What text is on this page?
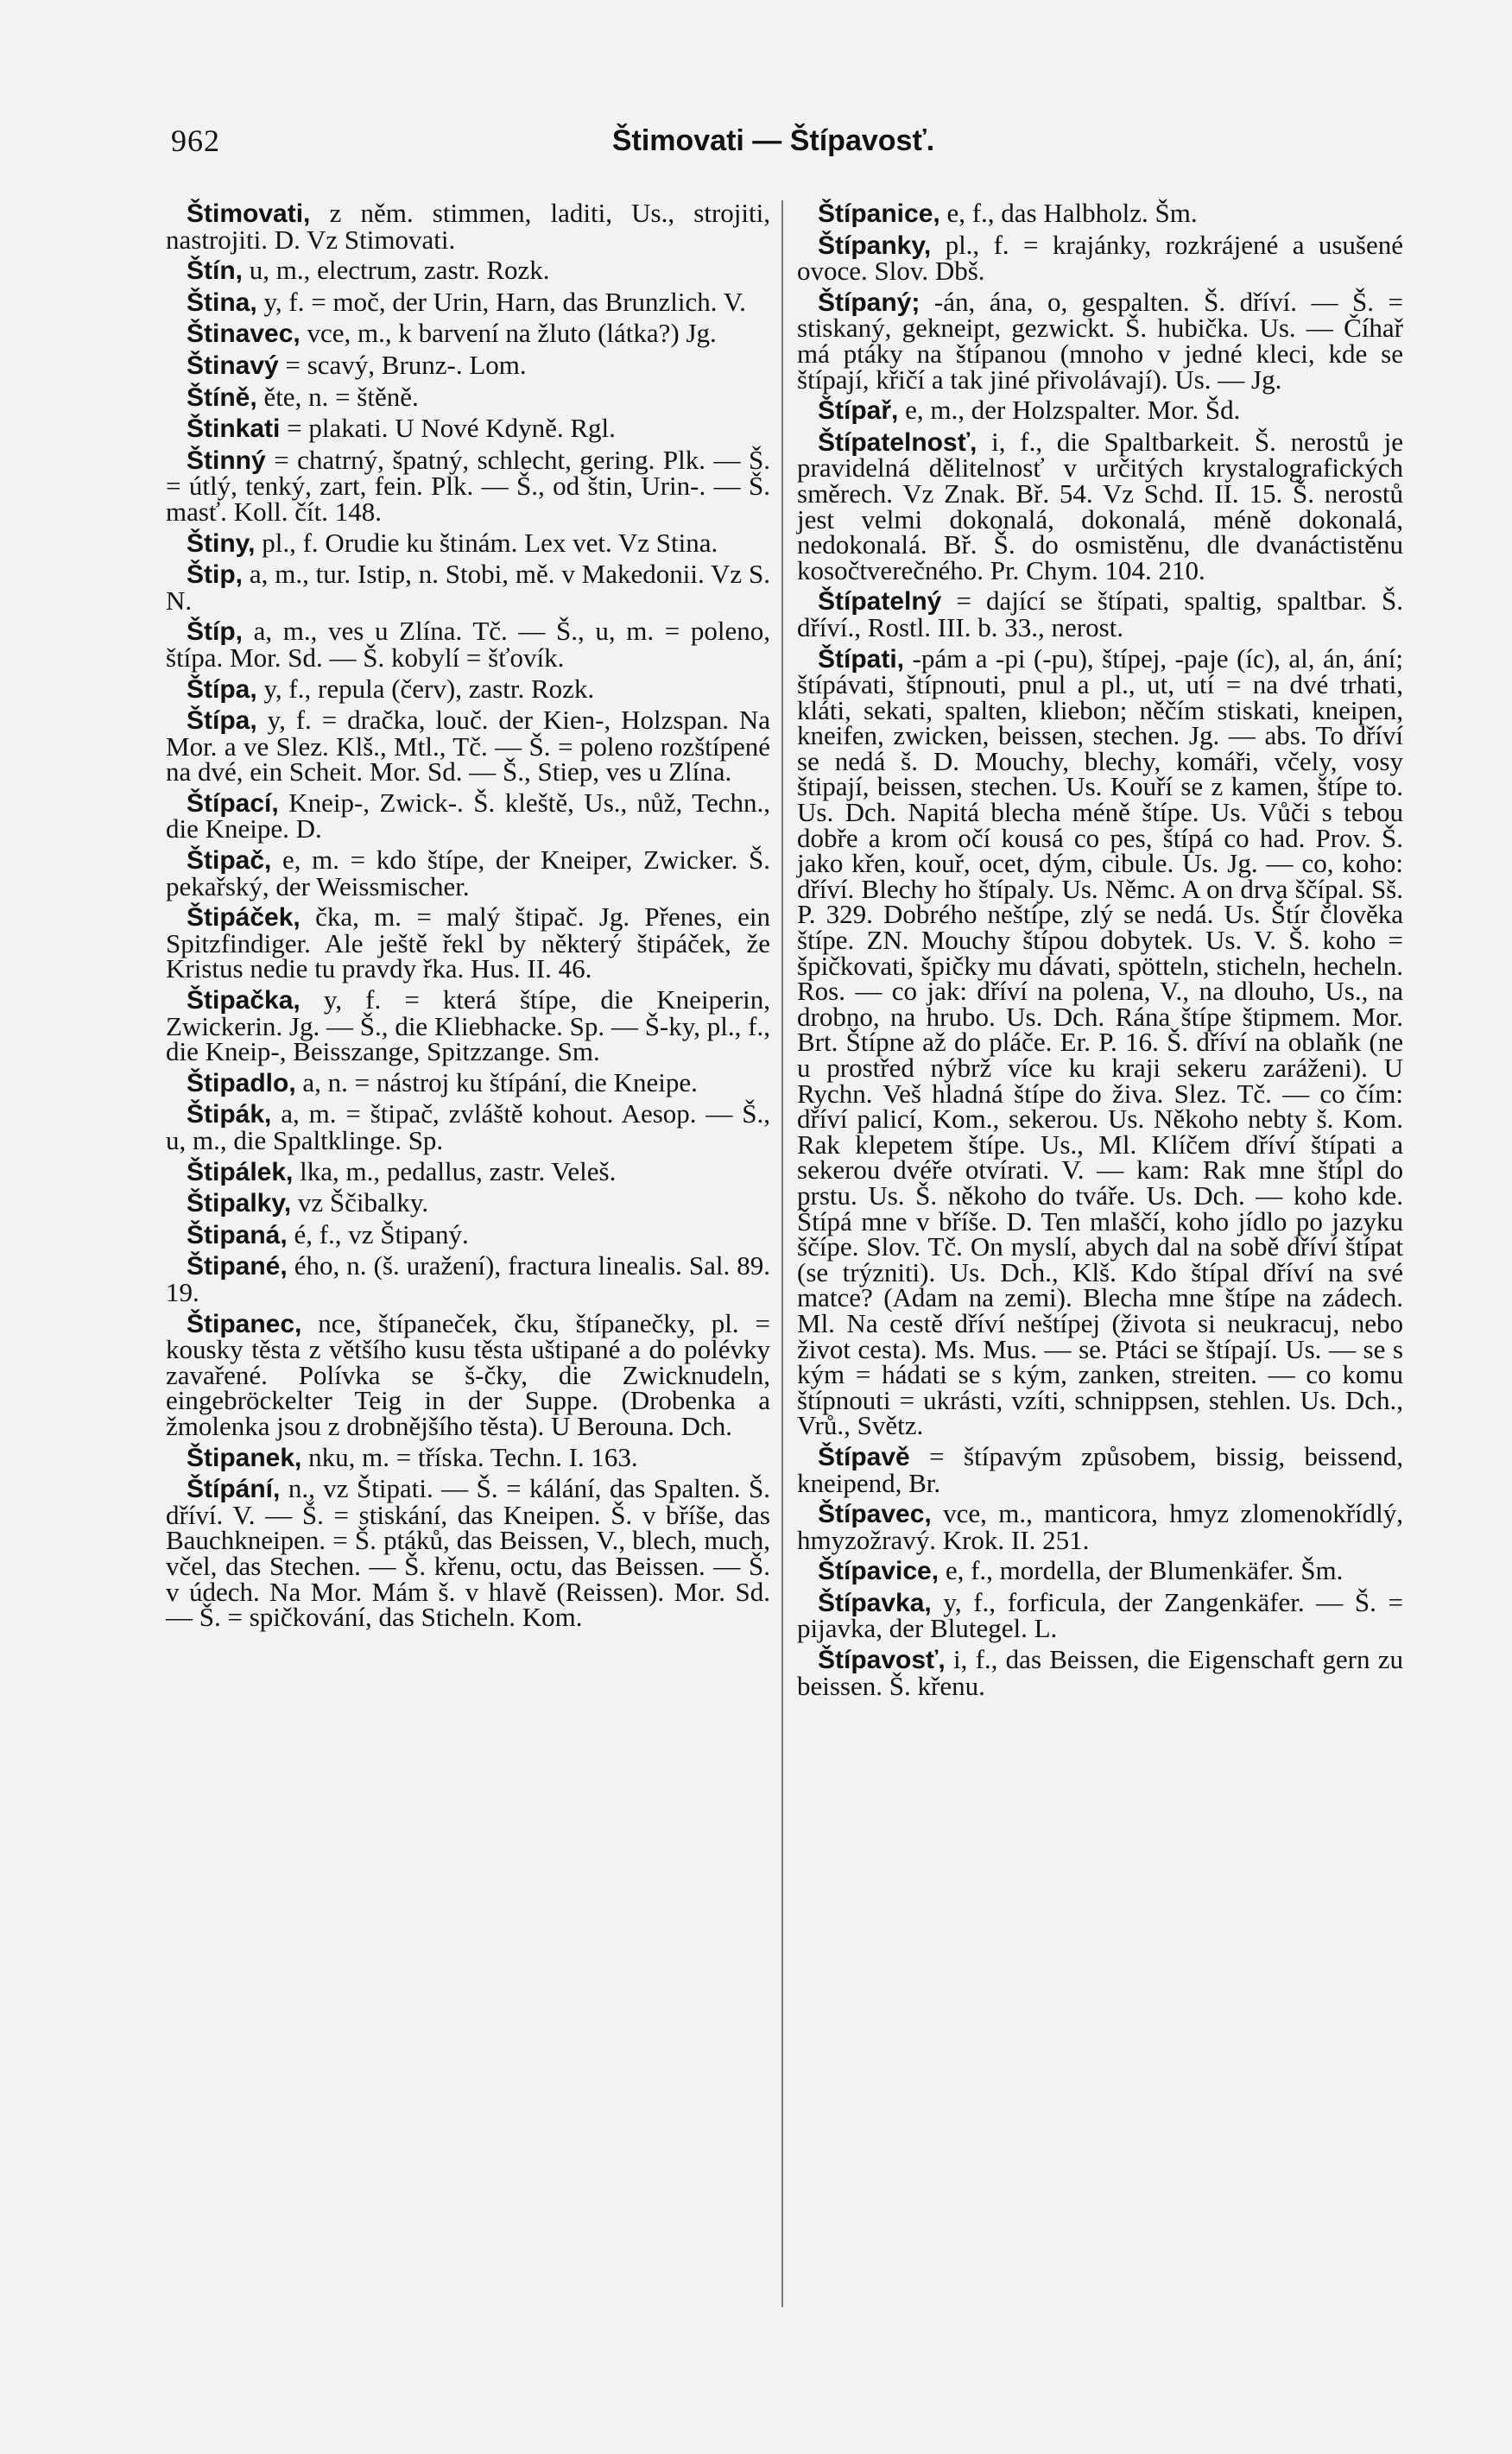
962	Štimovati — Štípavosť.

Štimovati, z něm. stimmen, laditi, Us., strojiti, nastrojiti. D. Vz Stimovati.

Štín, u, m., electrum, zastr. Rozk.

Ština, y, f. = moč, der Urin, Harn, das Brunzlich. V.

Štinavec, vce, m., k barvení na žluto (látka?) Jg.

Štinavý = scavý, Brunz-. Lom.

Štíně, ěte, n. = štěně.

Štinkati = plakati. U Nové Kdyně. Rgl.

Štinný = chatrný, špatný, schlecht, gering. Plk. — Š. = útlý, tenký, zart, fein. Plk. — Š., od štin, Urin-. — Š. masť. Koll. čít. 148.

Štiny, pl., f. Orudie ku štinám. Lex vet. Vz Stina.

Štip, a, m., tur. Istip, n. Stobi, mě. v Makedonii. Vz S. N.

Štíp, a, m., ves u Zlína. Tč. — Š., u, m. = poleno, štípa. Mor. Sd. — Š. kobylí = šťovík.

Štípa, y, f., repula (červ), zastr. Rozk.

Štípa, y, f. = dračka, louč. der Kien-, Holzspan. Na Mor. a ve Slez. Klš., Mtl., Tč. — Š. = poleno rozštípené na dvé, ein Scheit. Mor. Sd. — Š., Stiep, ves u Zlína.

Štípací, Kneip-, Zwick-. Š. kleště, Us., nůž, Techn., die Kneipe. D.

Štipač, e, m. = kdo štípe, der Kneiper, Zwicker. Š. pekařský, der Weissmischer.

Štipáček, čka, m. = malý štipač. Jg. Přenes, ein Spitzfindiger. Ale ještě řekl by některý štipáček, že Kristus nedie tu pravdy řka. Hus. II. 46.

Štipačka, y, f. = která štípe, die Kneiperin, Zwickerin. Jg. — Š., die Kliebhacke. Sp. — Š-ky, pl., f., die Kneip-, Beisszange, Spitzzange. Sm.

Štipadlo, a, n. = nástroj ku štípání, die Kneipe.

Štipák, a, m. = štipač, zvláště kohout. Aesop. — Š., u, m., die Spaltklinge. Sp.

Štipálek, lka, m., pedallus, zastr. Veleš.

Štipalky, vz Ščibalky.

Štipaná, é, f., vz Štipaný.

Štipané, ého, n. (š. uražení), fractura linealis. Sal. 89. 19.

Štipanec, nce, štípaneček, čku, štípanečky, pl. = kousky těsta z většího kusu těsta uštipané a do polévky zavařené. Polívka se š-čky, die Zwicknudeln, eingebröckelter Teig in der Suppe. (Drobenka a žmolenka jsou z drobnějšího těsta). U Berouna. Dch.

Štipanek, nku, m. = tříska. Techn. I. 163.

Štípání, n., vz Štipati. — Š. = kálání, das Spalten. Š. dříví. V. — Š. = stiskání, das Kneipen. Š. v bříše, das Bauchkneipen. = Š. ptáků, das Beissen, V., blech, much, včel, das Stechen. — Š. křenu, octu, das Beissen. — Š. v údech. Na Mor. Mám š. v hlavě (Reissen). Mor. Sd. — Š. = spičkování, das Sticheln. Kom.

Štípanice, e, f., das Halbholz. Šm.

Štípanky, pl., f. = krajánky, rozkrájené a usušené ovoce. Slov. Dbš.

Štípaný; -án, ána, o, gespalten. Š. dříví. — Š. = stiskaný, gekneipt, gezwickt. Š. hubička. Us. — Číhař má ptáky na štípanou (mnoho v jedné kleci, kde se štípají, křičí a tak jiné přivolávají). Us. — Jg.

Štípař, e, m., der Holzspalter. Mor. Šd.

Štípatelnosť, i, f., die Spaltbarkeit. Š. nerostů je pravidelná dělitelnosť v určitých krystalografických směrech. Vz Znak. Bř. 54. Vz Schd. II. 15. Š. nerostů jest velmi dokonalá, dokonalá, méně dokonalá, nedokonalá. Bř. Š. do osmistěnu, dle dvanáctistěnu kosočtverečného. Pr. Chym. 104. 210.

Štípatelný = dající se štípati, spaltig, spaltbar. Š. dříví., Rostl. III. b. 33., nerost.

Štípati, -pám a -pi (-pu), štípej, -paje (íc), al, án, ání; štípávati, štípnouti, pnul a pl., ut, utí = na dvé trhati, kláti, sekati, spalten, kliebon; něčím stiskati, kneipen, kneifen, zwicken, beissen, stechen. Jg. — abs. To dříví se nedá š. D. Mouchy, blechy, komáři, včely, vosy štipají, beissen, stechen. Us. Kouří se z kamen, štípe to. Us. Dch. Napitá blecha méně štípe. Us. Vůči s tebou dobře a krom očí kousá co pes, štípá co had. Prov. Š. jako křen, kouř, ocet, dým, cibule. Us. Jg. — co, koho: dříví. Blechy ho štípaly. Us. Němc. A on drva ščípal. Sš. P. 329. Dobrého neštípe, zlý se nedá. Us. Štír člověka štípe. ZN. Mouchy štípou dobytek. Us. V. Š. koho = špičkovati, špičky mu dávati, spötteln, sticheln, hecheln. Ros. — co jak: dříví na polena, V., na dlouho, Us., na drobno, na hrubo. Us. Dch. Rána štípe štipmem. Mor. Brt. Štípne až do pláče. Er. P. 16. Š. dříví na oblaňk (ne u prostřed nýbrž více ku kraji sekeru zaráženi). U Rychn. Veš hladná štípe do živa. Slez. Tč. — co čím: dříví palicí, Kom., sekerou. Us. Někoho nebty š. Kom. Rak klepetem štípe. Us., Ml. Klíčem dříví štípati a sekerou dvéře otvírati. V. — kam: Rak mne štípl do prstu. Us. Š. někoho do tváře. Us. Dch. — koho kde. Štípá mne v bříše. D. Ten mlaščí, koho jídlo po jazyku ščípe. Slov. Tč. On myslí, abych dal na sobě dříví štípat (se trýzniti). Us. Dch., Klš. Kdo štípal dříví na své matce? (Adam na zemi). Blecha mne štípe na zádech. Ml. Na cestě dříví neštípej (života si neukracuj, nebo život cesta). Ms. Mus. — se. Ptáci se štípají. Us. — se s kým = hádati se s kým, zanken, streiten. — co komu štípnouti = ukrásti, vzíti, schnippsen, stehlen. Us. Dch., Vrů., Světz.

Štípavě = štípavým způsobem, bissig, beissend, kneipend, Br.

Štípavec, vce, m., manticora, hmyz zlomenokřídlý, hmyzožravý. Krok. II. 251.

Štípavice, e, f., mordella, der Blumenkäfer. Šm.

Štípavka, y, f., forficula, der Zangenkäfer. — Š. = pijavka, der Blutegel. L.

Štípavosť, i, f., das Beissen, die Eigenschaft gern zu beissen. Š. křenu.
